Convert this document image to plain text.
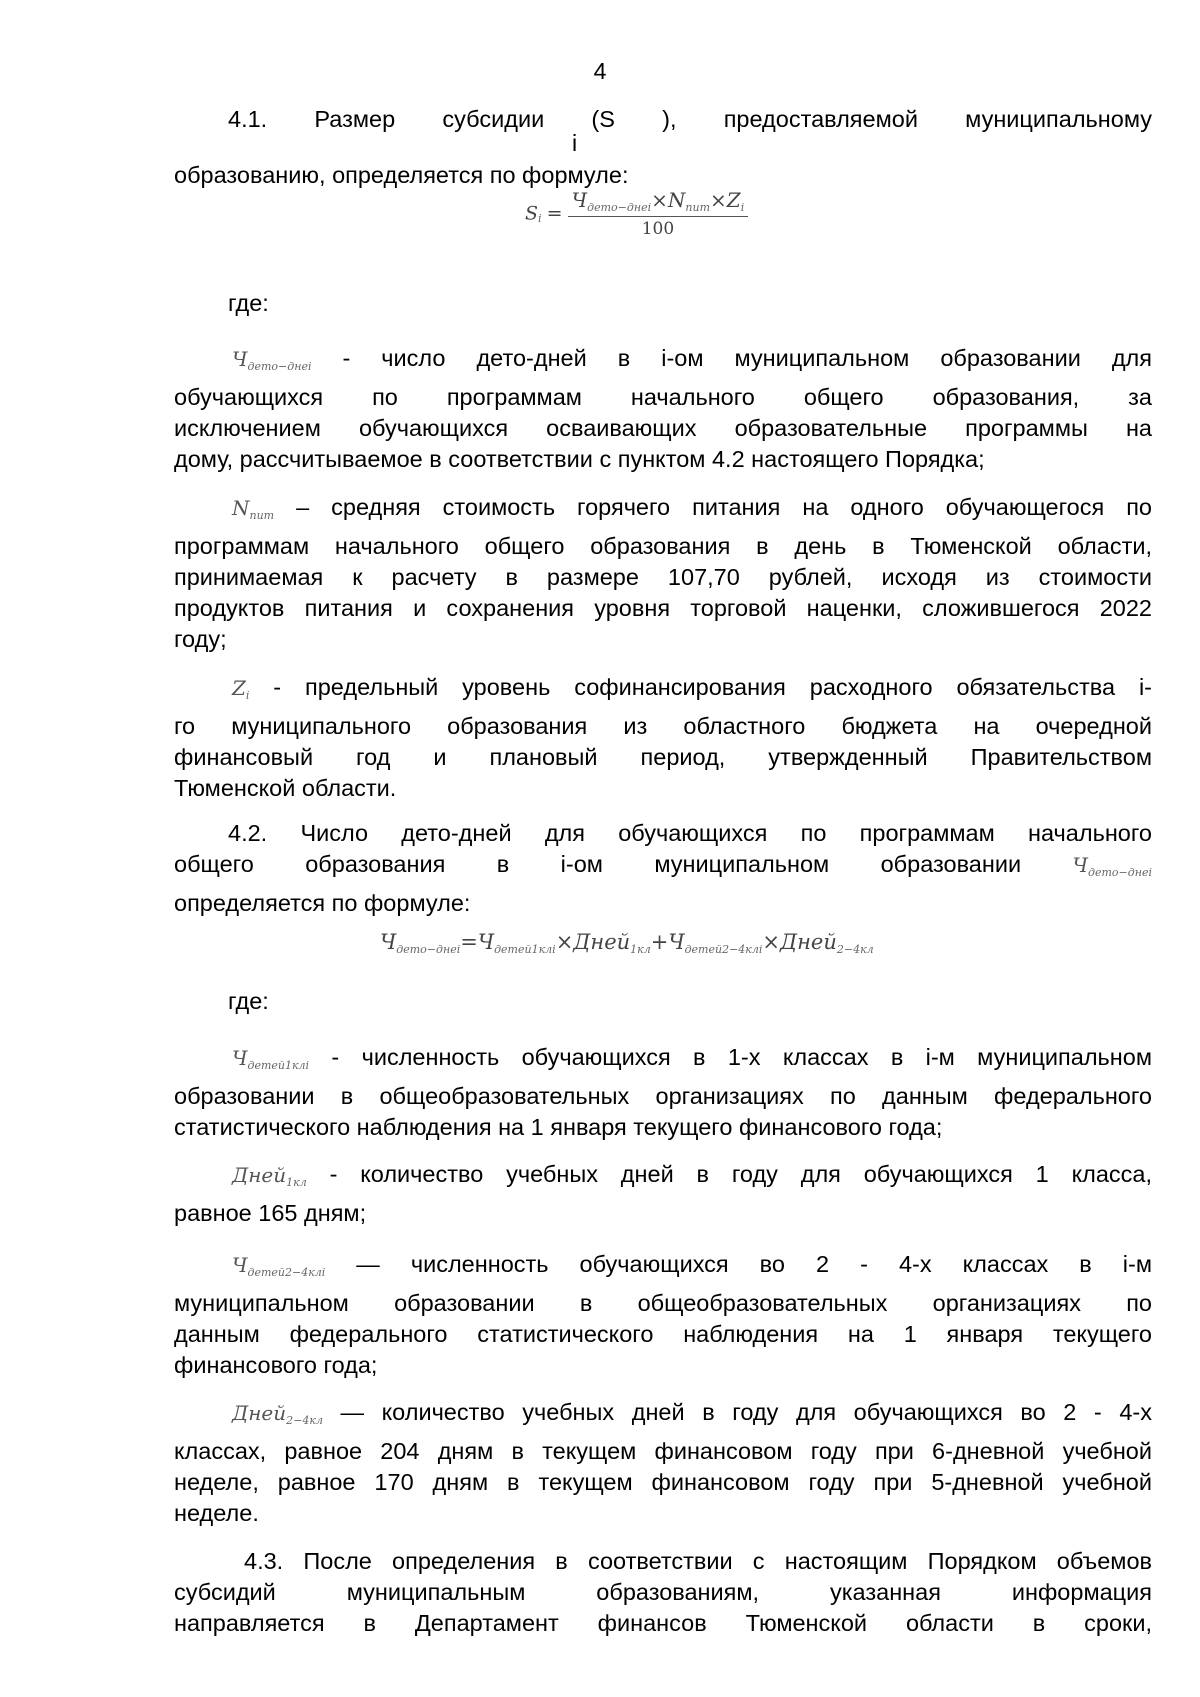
4
4.1. Размер субсидии (S ), предоставляемой муниципальному
i
образованию, определяется по формуле:
$S_i = \frac{Ч_{дето-днеi}\times N_{пит}\times Z_i}{100}$
где:
$Ч_{дето-днеi}$ - число дето-дней в i-ом муниципальном образовании для
обучающихся по программам начального общего образования, за
исключением обучающихся осваивающих образовательные программы на
дому, рассчитываемое в соответствии с пунктом 4.2 настоящего Порядка;
$N_{пит}$ – средняя стоимость горячего питания на одного обучающегося по
программам начального общего образования в день в Тюменской области,
принимаемая к расчету в размере 107,70 рублей, исходя из стоимости
продуктов питания и сохранения уровня торговой наценки, сложившегося 2022
году;
$Z_i$ - предельный уровень софинансирования расходного обязательства i-
го муниципального образования из областного бюджета на очередной
финансовый год и плановый период, утвержденный Правительством
Тюменской области.
4.2. Число дето-дней для обучающихся по программам начального
общего образования в i-ом муниципальном образовании $Ч_{дето-днеi}$
определяется по формуле:
$Ч_{дето-днеi}=Ч_{детей1клi}\times Дней_{1кл}+Ч_{детей2-4клi}\times Дней_{2-4кл}$
где:
$Ч_{детей1клi}$ - численность обучающихся в 1-х классах в i-м муниципальном
образовании в общеобразовательных организациях по данным федерального
статистического наблюдения на 1 января текущего финансового года;
Дней$_{1кл}$ - количество учебных дней в году для обучающихся 1 класса,
равное 165 дням;
$Ч_{детей2-4клi}$ — численность обучающихся во 2 - 4-х классах в i-м
муниципальном образовании в общеобразовательных организациях по
данным федерального статистического наблюдения на 1 января текущего
финансового года;
Дней$_{2-4кл}$ — количество учебных дней в году для обучающихся во 2 - 4-х
классах, равное 204 дням в текущем финансовом году при 6-дневной учебной
неделе, равное 170 дням в текущем финансовом году при 5-дневной учебной
неделе.
4.3. После определения в соответствии с настоящим Порядком объемов
субсидий муниципальным образованиям, указанная информация
направляется в Департамент финансов Тюменской области в сроки,
